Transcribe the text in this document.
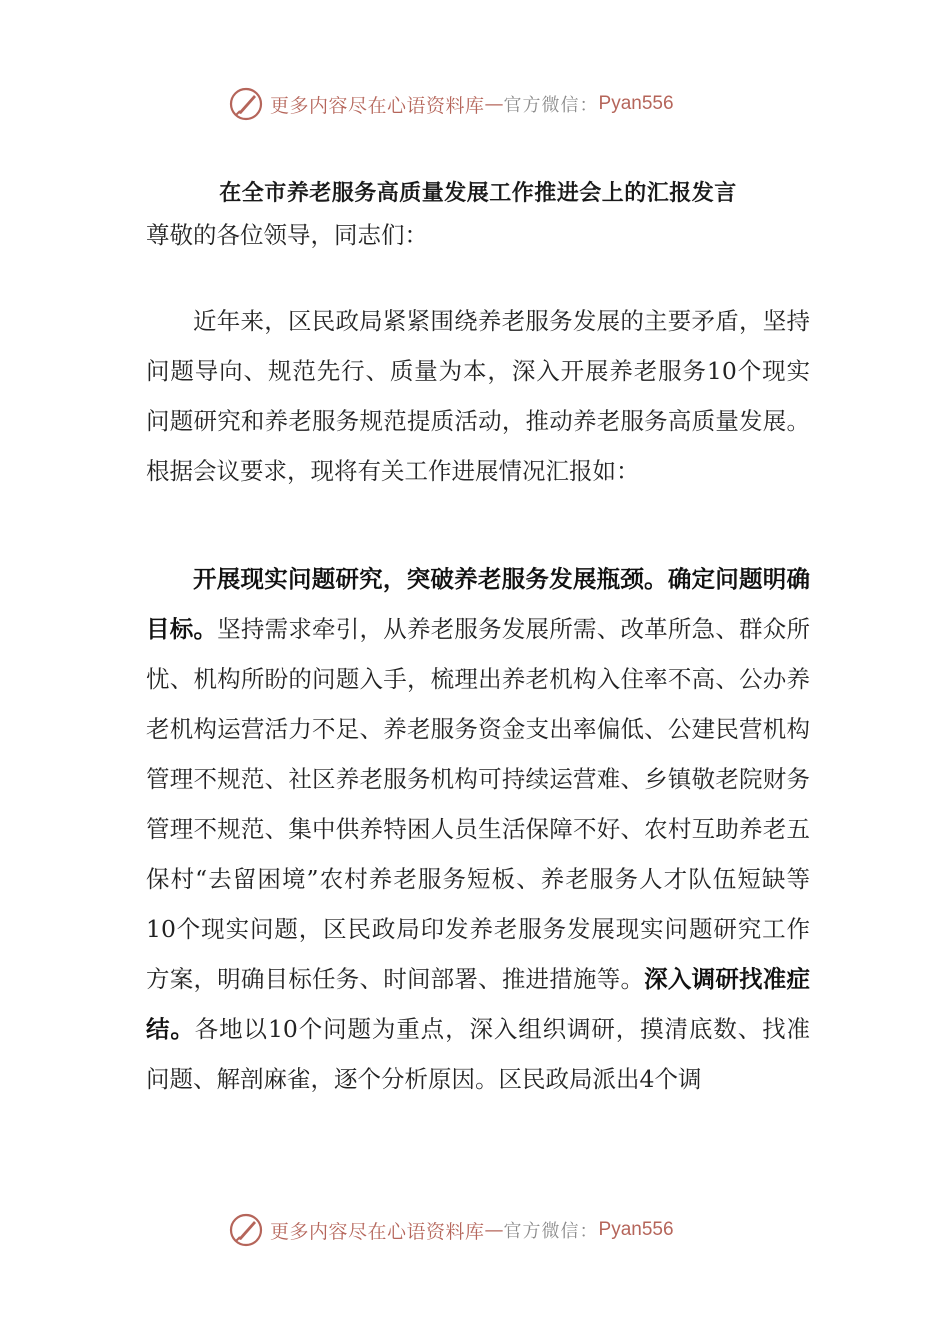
更多内容尽在心语资料库 — 官方微信： Pyan556
在全市养老服务高质量发展工作推进会上的汇报发言
尊敬的各位领导，同志们：

近年来，区民政局紧紧围绕养老服务发展的主要矛盾，坚持问题导向、规范先行、质量为本，深入开展养老服务10个现实问题研究和养老服务规范提质活动，推动养老服务高质量发展。根据会议要求，现将有关工作进展情况汇报如：

开展现实问题研究，突破养老服务发展瓶颈。确定问题明确目标。坚持需求牵引，从养老服务发展所需、改革所急、群众所忧、机构所盼的问题入手，梳理出养老机构入住率不高、公办养老机构运营活力不足、养老服务资金支出率偏低、公建民营机构管理不规范、社区养老服务机构可持续运营难、乡镇敬老院财务管理不规范、集中供养特困人员生活保障不好、农村互助养老五保村“去留困境”农村养老服务短板、养老服务人才队伍短缺等10个现实问题，区民政局印发养老服务发展现实问题研究工作方案，明确目标任务、时间部署、推进措施等。深入调研找准症结。各地以10个问题为重点，深入组织调研，摸清底数、找准问题、解剖麻雀，逐个分析原因。区民政局派出4个调

更多内容尽在心语资料库 — 官方微信： Pyan556
